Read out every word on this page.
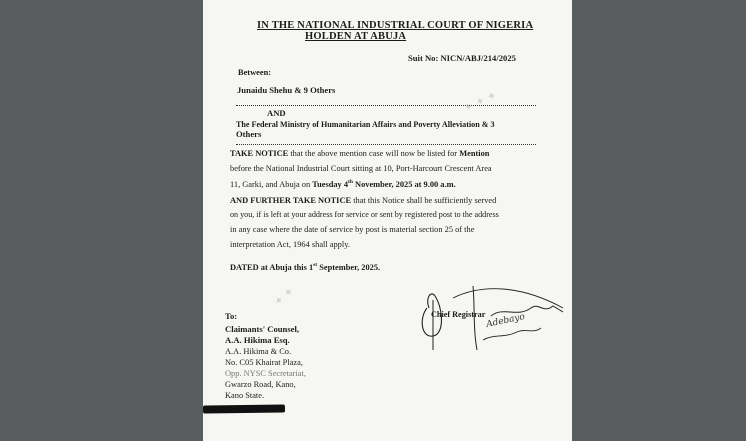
IN THE NATIONAL INDUSTRIAL COURT OF NIGERIA
HOLDEN AT ABUJA
Suit No: NICN/ABJ/214/2025
Between:
Junaidu Shehu & 9 Others
AND
The Federal Ministry of Humanitarian Affairs and Poverty Alleviation & 3
Others
TAKE NOTICE that the above mention case will now be listed for Mention
before the National Industrial Court sitting at 10, Port-Harcourt Crescent Area
11, Garki, and Abuja on Tuesday 4th November, 2025 at 9.00 a.m.
AND FURTHER TAKE NOTICE that this Notice shall be sufficiently served
on you, if is left at your address for service or sent by registered post to the address
in any case where the date of service by post is material section 25 of the
interpretation Act, 1964 shall apply.
DATED at Abuja this 1st September, 2025.
✦ ✦ ✦
✦ ✦
Chief Registrar Adebayo
To:
Claimants' Counsel,
A.A. Hikima Esq.
A.A. Hikima & Co.
No. C05 Khairat Plaza,
Opp. NYSC Secretariat,
Gwarzo Road, Kano,
Kano State.
